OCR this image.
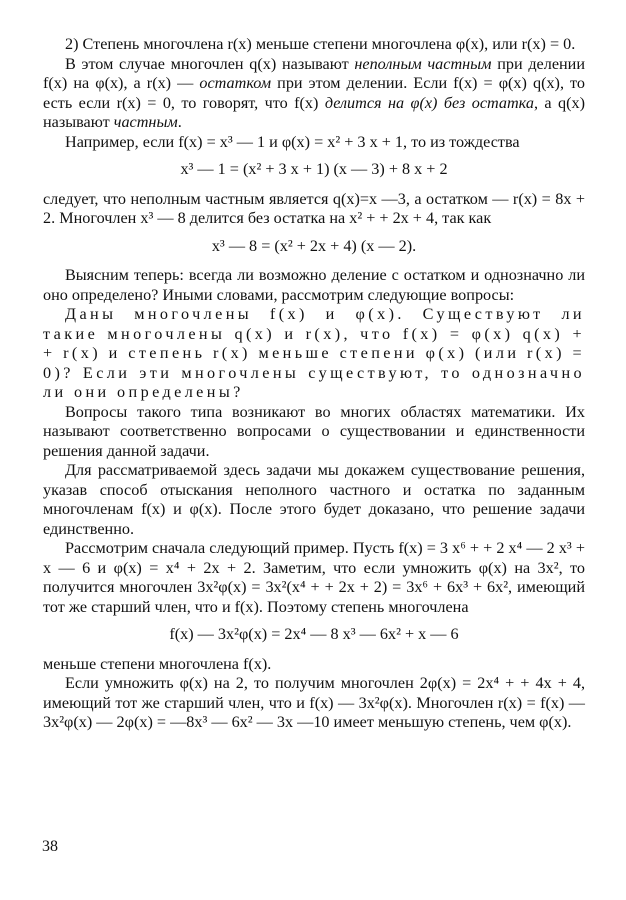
2) Степень многочлена r(x) меньше степени многочлена φ(x), или r(x) = 0.

В этом случае многочлен q(x) называют неполным частным при делении f(x) на φ(x), а r(x) — остатком при этом делении. Если f(x) = φ(x) q(x), то есть если r(x) = 0, то говорят, что f(x) делится на φ(x) без остатка, а q(x) называют частным.

Например, если f(x) = x³ — 1 и φ(x) = x² + 3 x + 1, то из тождества

x³ — 1 = (x² + 3 x + 1) (x — 3) + 8 x + 2

следует, что неполным частным является q(x)=x —3, а остатком — r(x) = 8x + 2. Многочлен x³ — 8 делится без остатка на x² + + 2x + 4, так как

x³ — 8 = (x² + 2x + 4) (x — 2).

Выясним теперь: всегда ли возможно деление с остатком и однозначно ли оно определено? Иными словами, рассмотрим следующие вопросы:

Даны многочлены f(x) и φ(x). Существуют ли такие многочлены q(x) и r(x), что f(x) = φ(x) q(x) + + r(x) и степень r(x) меньше степени φ(x) (или r(x) = 0)? Если эти многочлены существуют, то однозначно ли они определены?

Вопросы такого типа возникают во многих областях математики. Их называют соответственно вопросами о существовании и единственности решения данной задачи.

Для рассматриваемой здесь задачи мы докажем существование решения, указав способ отыскания неполного частного и остатка по заданным многочленам f(x) и φ(x). После этого будет доказано, что решение задачи единственно.

Рассмотрим сначала следующий пример. Пусть f(x) = 3 x⁶ + + 2 x⁴ — 2 x³ + x — 6 и φ(x) = x⁴ + 2x + 2. Заметим, что если умножить φ(x) на 3x², то получится многочлен 3x²φ(x) = 3x²(x⁴ + + 2x + 2) = 3x⁶ + 6x³ + 6x², имеющий тот же старший член, что и f(x). Поэтому степень многочлена

f(x) — 3x²φ(x) = 2x⁴ — 8 x³ — 6x² + x — 6

меньше степени многочлена f(x).

Если умножить φ(x) на 2, то получим многочлен 2φ(x) = 2x⁴ + + 4x + 4, имеющий тот же старший член, что и f(x) — 3x²φ(x). Многочлен r(x) = f(x) — 3x²φ(x) — 2φ(x) = —8x³ — 6x² — 3x —10 имеет меньшую степень, чем φ(x).

38
